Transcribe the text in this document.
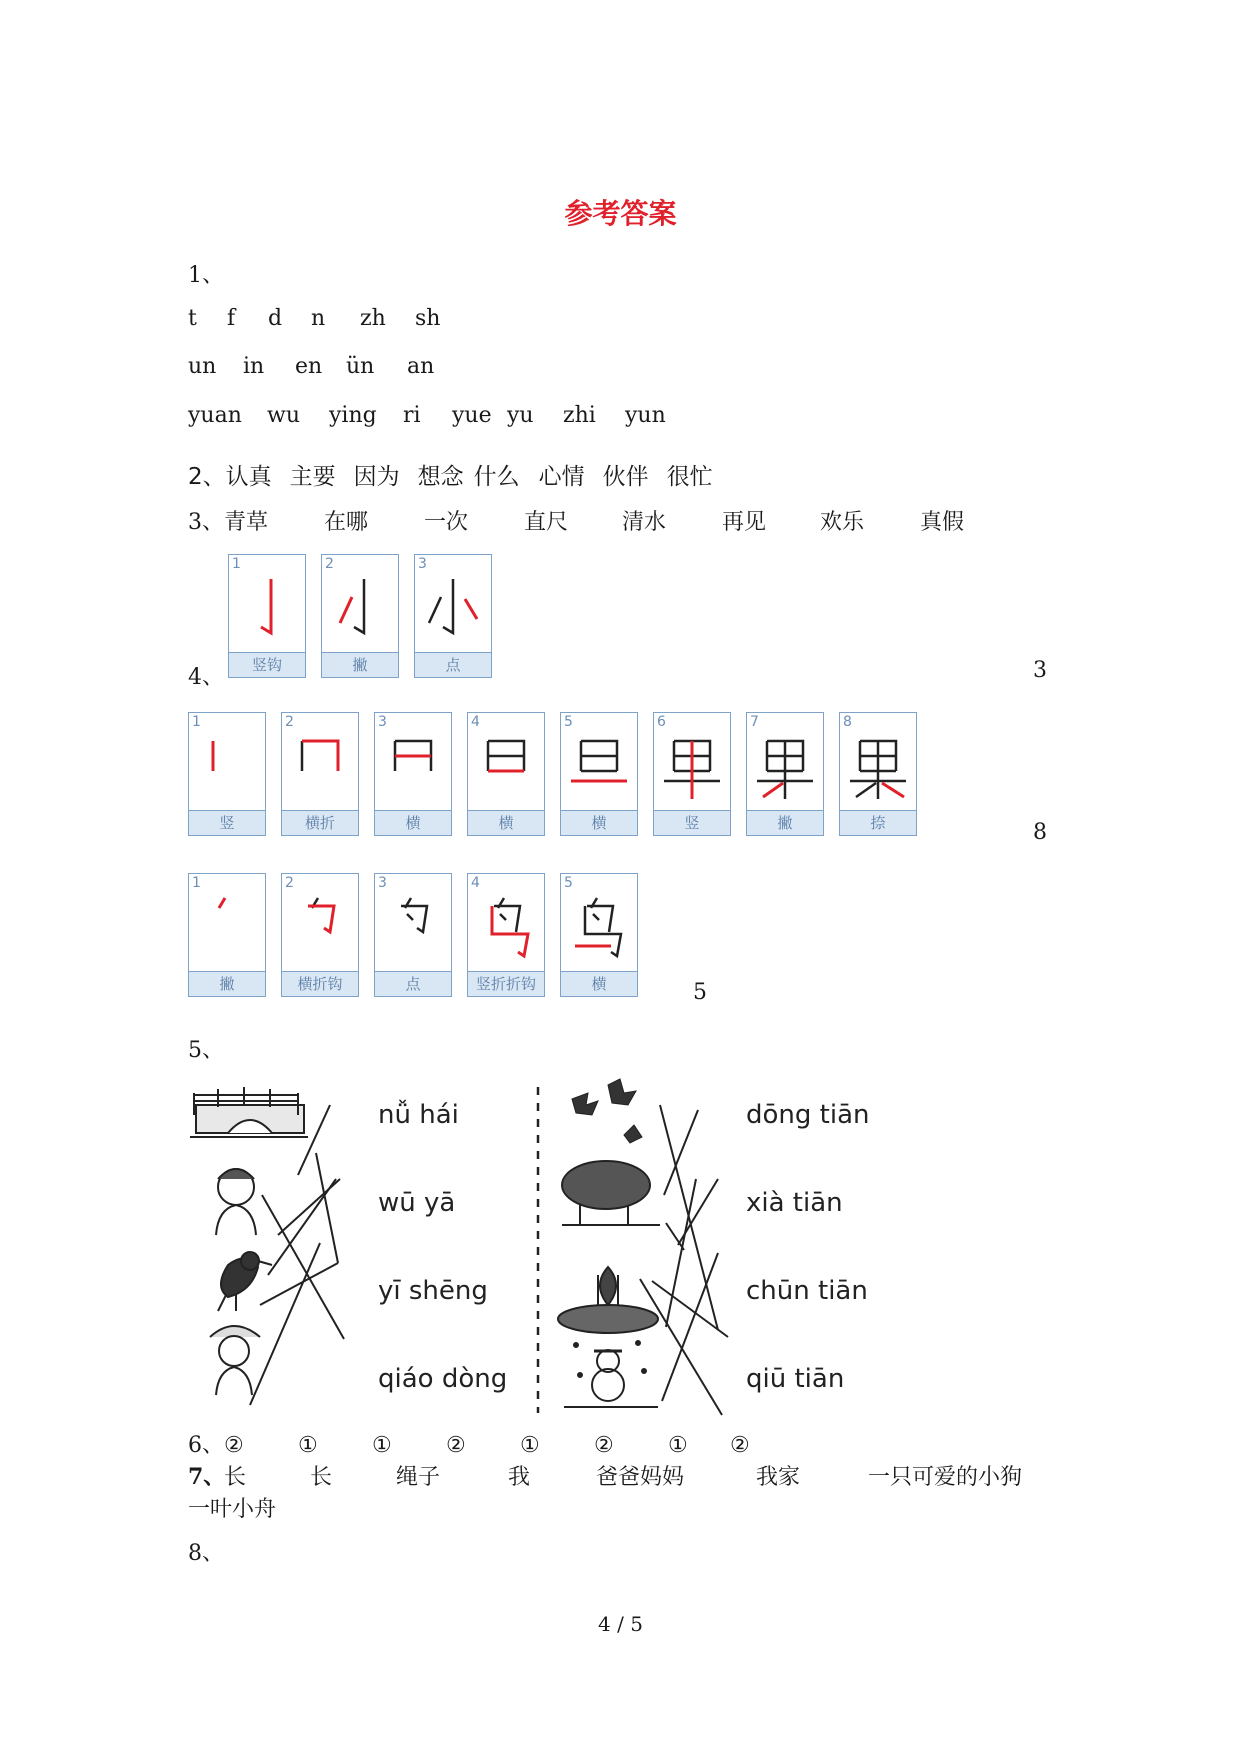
参考答案
1、
t f d n zh sh
un in en ün an
yuan wu ying ri yue yu zhi yun
2、认真 主要 因为 想念 什么 心情 伙伴 很忙
3、青草	在哪	一次	直尺 清水	再见 欢乐	真假
4、
1
竖钩
2
撇
3
点	3
1
竖
2
横折
3
横
4
横
5
横
6
竖
7
撇
8
捺	8
1
撇
2
横折钩
3
点
4
竖折折钩
5
横	5
5、
nǚ hái
wū yā
yī shēng
qiáo dòng
dōng tiān
xià tiān
chūn tiān
qiū tiān
6、② ① ① ② ① ② ① ②
7、长	长	绳子	我	爸爸妈妈	我家	一只可爱的小狗
一叶小舟
8、
4 / 5
